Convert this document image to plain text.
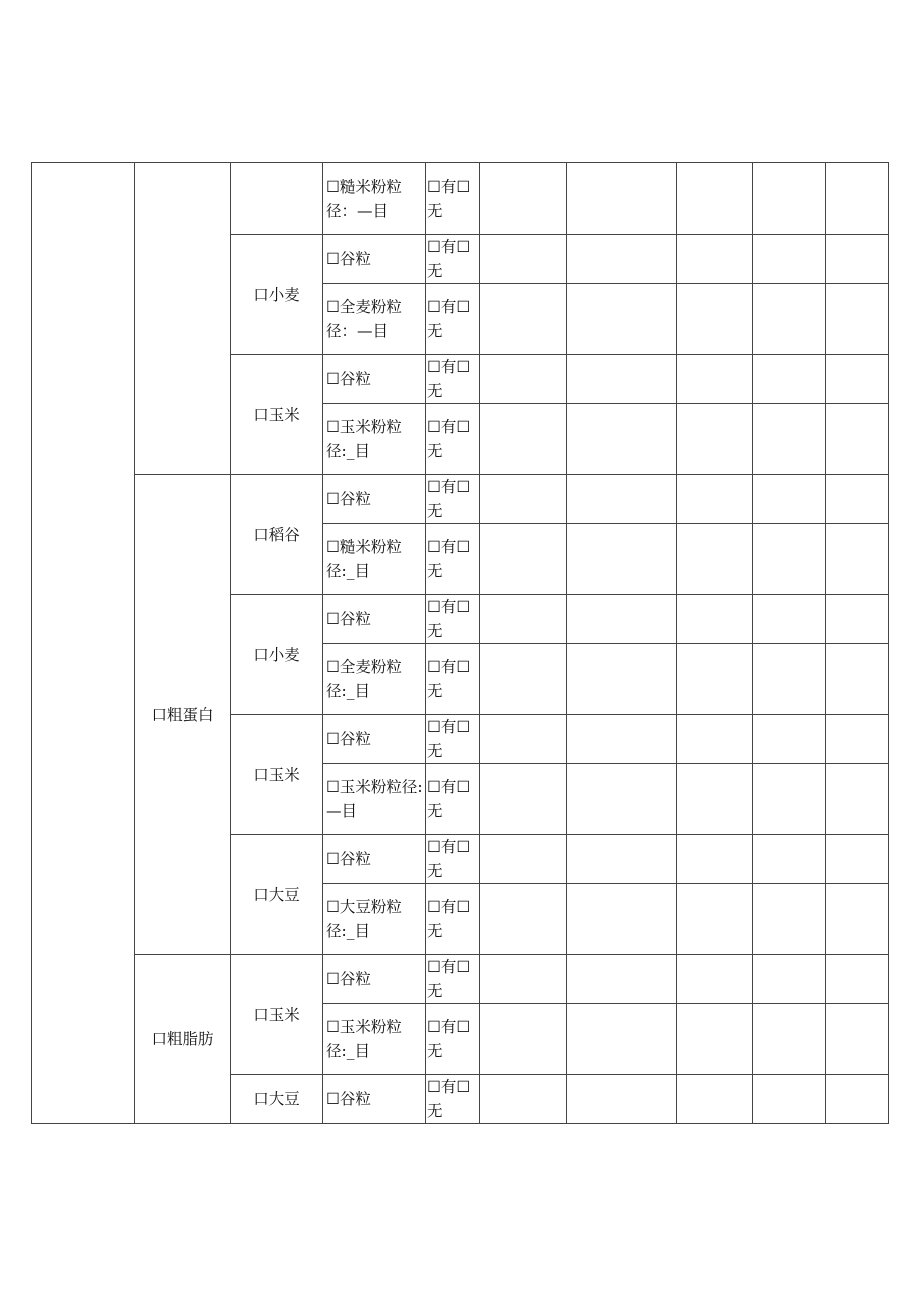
			☐糙米粉粒径：—目	☐有☐无					
		口小麦	☐谷粒	☐有☐无					
			☐全麦粉粒径：—目	☐有☐无					
		口玉米	☐谷粒	☐有☐无					
			☐玉米粉粒径:_目	☐有☐无					
	口粗蛋白	口稻谷	☐谷粒	☐有☐无					
			☐糙米粉粒径:_目	☐有☐无					
		口小麦	☐谷粒	☐有☐无					
			☐全麦粉粒径:_目	☐有☐无					
		口玉米	☐谷粒	☐有☐无					
			☐玉米粉粒径:—目	☐有☐无					
		口大豆	☐谷粒	☐有☐无					
			☐大豆粉粒径:_目	☐有☐无					
	口粗脂肪	口玉米	☐谷粒	☐有☐无					
			☐玉米粉粒径:_目	☐有☐无					
		口大豆	☐谷粒	☐有☐无					
